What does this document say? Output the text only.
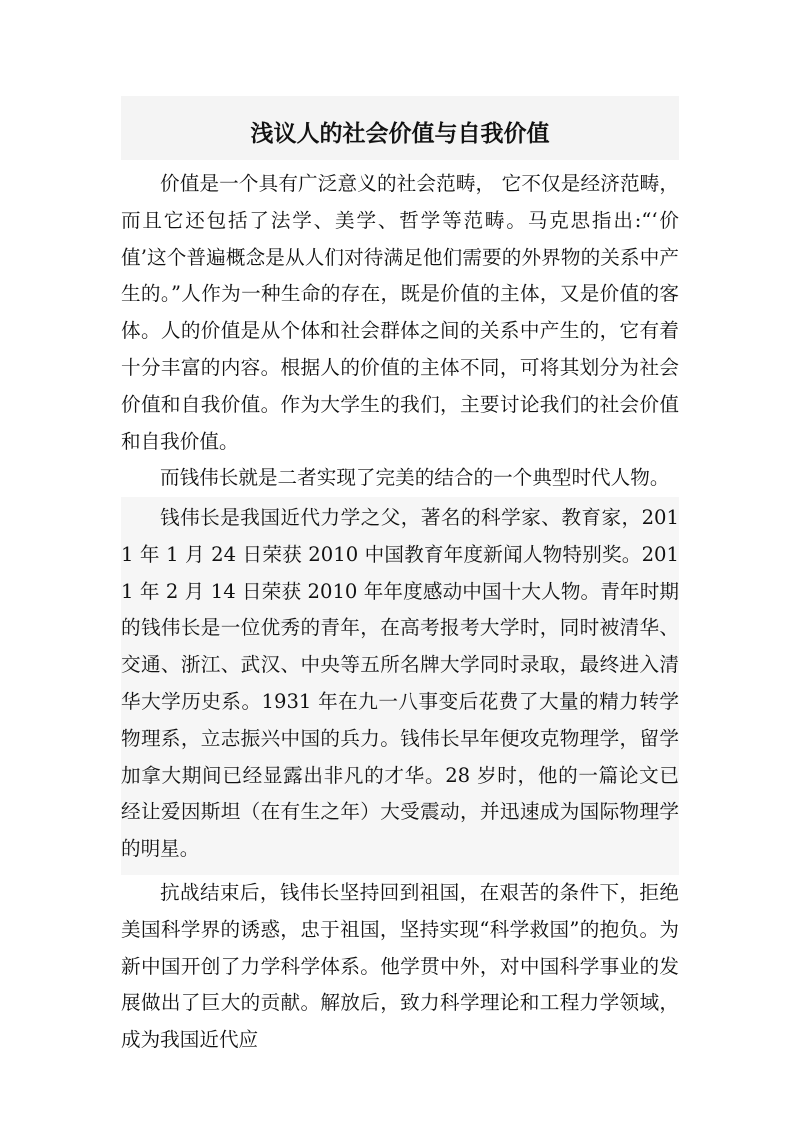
浅议人的社会价值与自我价值

价值是一个具有广泛意义的社会范畴， 它不仅是经济范畴，而且它还包括了法学、美学、哲学等范畴。马克思指出:“‘价值’这个普遍概念是从人们对待满足他们需要的外界物的关系中产生的。”人作为一种生命的存在，既是价值的主体，又是价值的客体。人的价值是从个体和社会群体之间的关系中产生的，它有着十分丰富的内容。根据人的价值的主体不同，可将其划分为社会价值和自我价值。作为大学生的我们，主要讨论我们的社会价值和自我价值。

而钱伟长就是二者实现了完美的结合的一个典型时代人物。

钱伟长是我国近代力学之父，著名的科学家、教育家，2011 年 1 月 24 日荣获 2010 中国教育年度新闻人物特别奖。2011 年 2 月 14 日荣获 2010 年年度感动中国十大人物。青年时期的钱伟长是一位优秀的青年，在高考报考大学时，同时被清华、交通、浙江、武汉、中央等五所名牌大学同时录取，最终进入清华大学历史系。1931 年在九一八事变后花费了大量的精力转学物理系，立志振兴中国的兵力。钱伟长早年便攻克物理学，留学加拿大期间已经显露出非凡的才华。28 岁时，他的一篇论文已经让爱因斯坦（在有生之年）大受震动，并迅速成为国际物理学的明星。

抗战结束后，钱伟长坚持回到祖国，在艰苦的条件下，拒绝美国科学界的诱惑，忠于祖国，坚持实现“科学救国”的抱负。为新中国开创了力学科学体系。他学贯中外，对中国科学事业的发展做出了巨大的贡献。解放后，致力科学理论和工程力学领域，成为我国近代应
